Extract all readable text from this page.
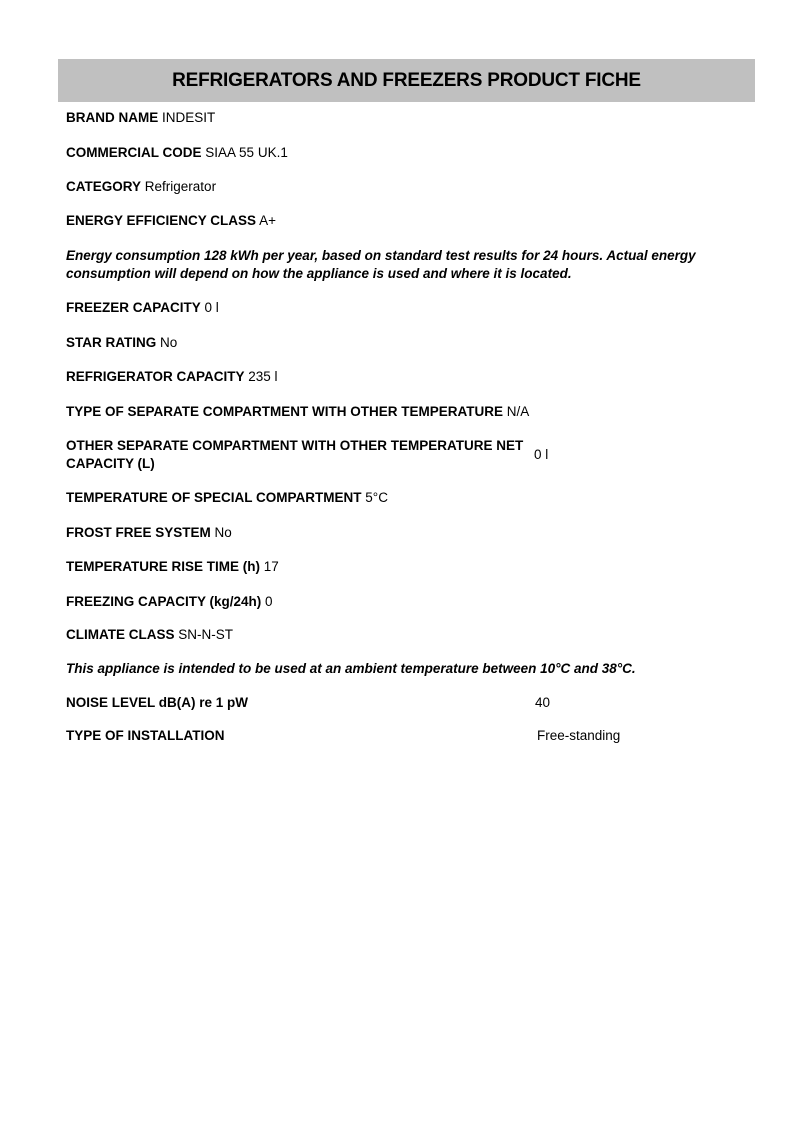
REFRIGERATORS AND FREEZERS PRODUCT FICHE
BRAND NAME INDESIT
COMMERCIAL CODE SIAA 55 UK.1
CATEGORY Refrigerator
ENERGY EFFICIENCY CLASS A+
Energy consumption 128 kWh per year, based on standard test results for 24 hours. Actual energy consumption will depend on how the appliance is used and where it is located.
FREEZER CAPACITY 0 l
STAR RATING No
REFRIGERATOR CAPACITY 235 l
TYPE OF SEPARATE COMPARTMENT WITH OTHER TEMPERATURE N/A
OTHER SEPARATE COMPARTMENT WITH OTHER TEMPERATURE NET
CAPACITY (L)
0 l
TEMPERATURE OF SPECIAL COMPARTMENT 5°C
FROST FREE SYSTEM No
TEMPERATURE RISE TIME (h) 17
FREEZING CAPACITY (kg/24h) 0
CLIMATE CLASS SN-N-ST
This appliance is intended to be used at an ambient temperature between 10°C and 38°C.
NOISE LEVEL dB(A) re 1 pW	40
TYPE OF INSTALLATION	Free-standing
